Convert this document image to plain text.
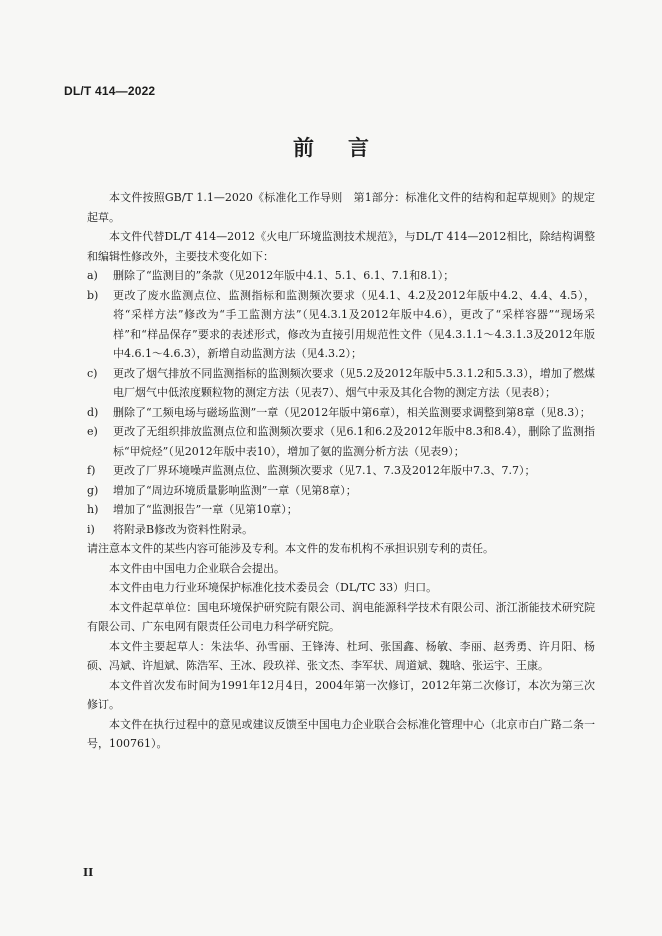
DL/T 414—2022
前言

本文件按照GB/T 1.1—2020《标准化工作导则　第1部分：标准化文件的结构和起草规则》的规定起草。

本文件代替DL/T 414—2012《火电厂环境监测技术规范》，与DL/T 414—2012相比，除结构调整和编辑性修改外，主要技术变化如下：

a)	删除了“监测目的”条款（见2012年版中4.1、5.1、6.1、7.1和8.1）；
b)	更改了废水监测点位、监测指标和监测频次要求（见4.1、4.2及2012年版中4.2、4.4、4.5），将“采样方法”修改为“手工监测方法”（见4.3.1及2012年版中4.6），更改了“采样容器”“现场采样”和“样品保存”要求的表述形式，修改为直接引用规范性文件（见4.3.1.1～4.3.1.3及2012年版中4.6.1～4.6.3），新增自动监测方法（见4.3.2）；
c)	更改了烟气排放不同监测指标的监测频次要求（见5.2及2012年版中5.3.1.2和5.3.3），增加了燃煤电厂烟气中低浓度颗粒物的测定方法（见表7）、烟气中汞及其化合物的测定方法（见表8）；
d)	删除了“工频电场与磁场监测”一章（见2012年版中第6章），相关监测要求调整到第8章（见8.3）；
e)	更改了无组织排放监测点位和监测频次要求（见6.1和6.2及2012年版中8.3和8.4），删除了监测指标“甲烷烃”（见2012年版中表10），增加了氨的监测分析方法（见表9）；
f)	更改了厂界环境噪声监测点位、监测频次要求（见7.1、7.3及2012年版中7.3、7.7）；
g)	增加了“周边环境质量影响监测”一章（见第8章）；
h)	增加了“监测报告”一章（见第10章）；
i)	将附录B修改为资料性附录。

请注意本文件的某些内容可能涉及专利。本文件的发布机构不承担识别专利的责任。

本文件由中国电力企业联合会提出。

本文件由电力行业环境保护标准化技术委员会（DL/TC 33）归口。

本文件起草单位：国电环境保护研究院有限公司、润电能源科学技术有限公司、浙江浙能技术研究院有限公司、广东电网有限责任公司电力科学研究院。

本文件主要起草人：朱法华、孙雪丽、王锋涛、杜珂、张国鑫、杨敏、李丽、赵秀勇、许月阳、杨硕、冯斌、许旭斌、陈浩军、王冰、段玖祥、张文杰、李军状、周道斌、魏晗、张运宇、王康。

本文件首次发布时间为1991年12月4日，2004年第一次修订，2012年第二次修订，本次为第三次修订。

本文件在执行过程中的意见或建议反馈至中国电力企业联合会标准化管理中心（北京市白广路二条一号，100761）。

II
